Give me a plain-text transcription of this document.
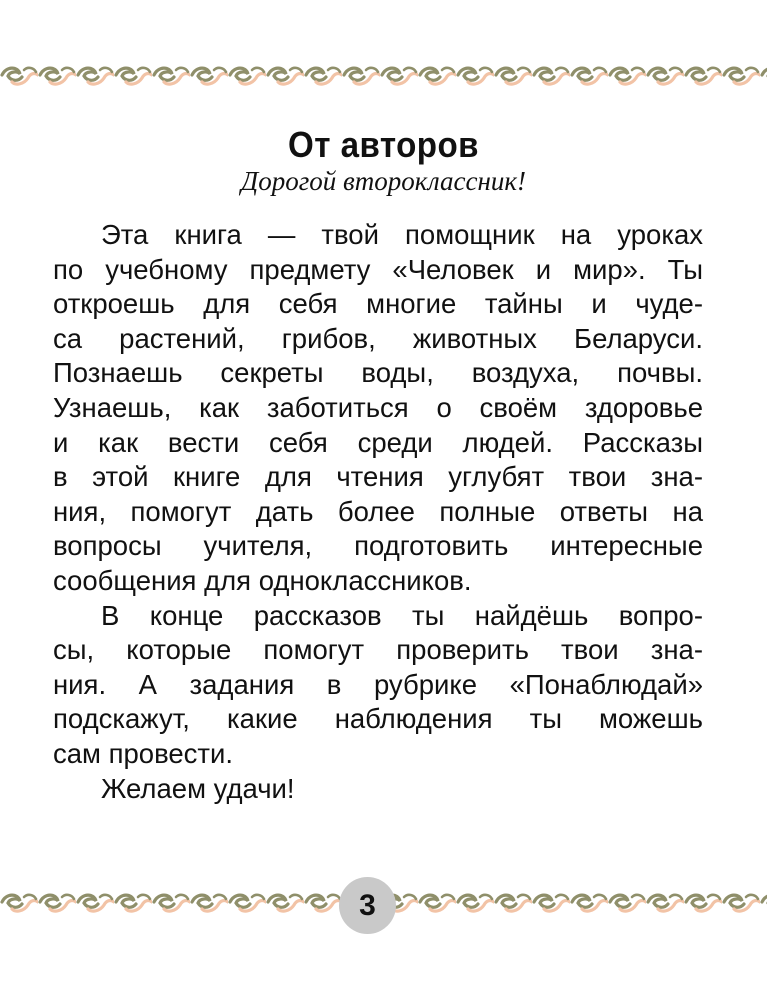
От авторов
Дорогой второклассник!
Эта книга — твой помощник на уроках
по учебному предмету «Человек и мир». Ты
откроешь для себя многие тайны и чуде-
са растений, грибов, животных Беларуси.
Познаешь секреты воды, воздуха, почвы.
Узнаешь, как заботиться о своём здоровье
и как вести себя среди людей. Рассказы
в этой книге для чтения углубят твои зна-
ния, помогут дать более полные ответы на
вопросы учителя, подготовить интересные
сообщения для одноклассников.
В конце рассказов ты найдёшь вопро-
сы, которые помогут проверить твои зна-
ния. А задания в рубрике «Понаблюдай»
подскажут, какие наблюдения ты можешь
сам провести.
Желаем удачи!
3
